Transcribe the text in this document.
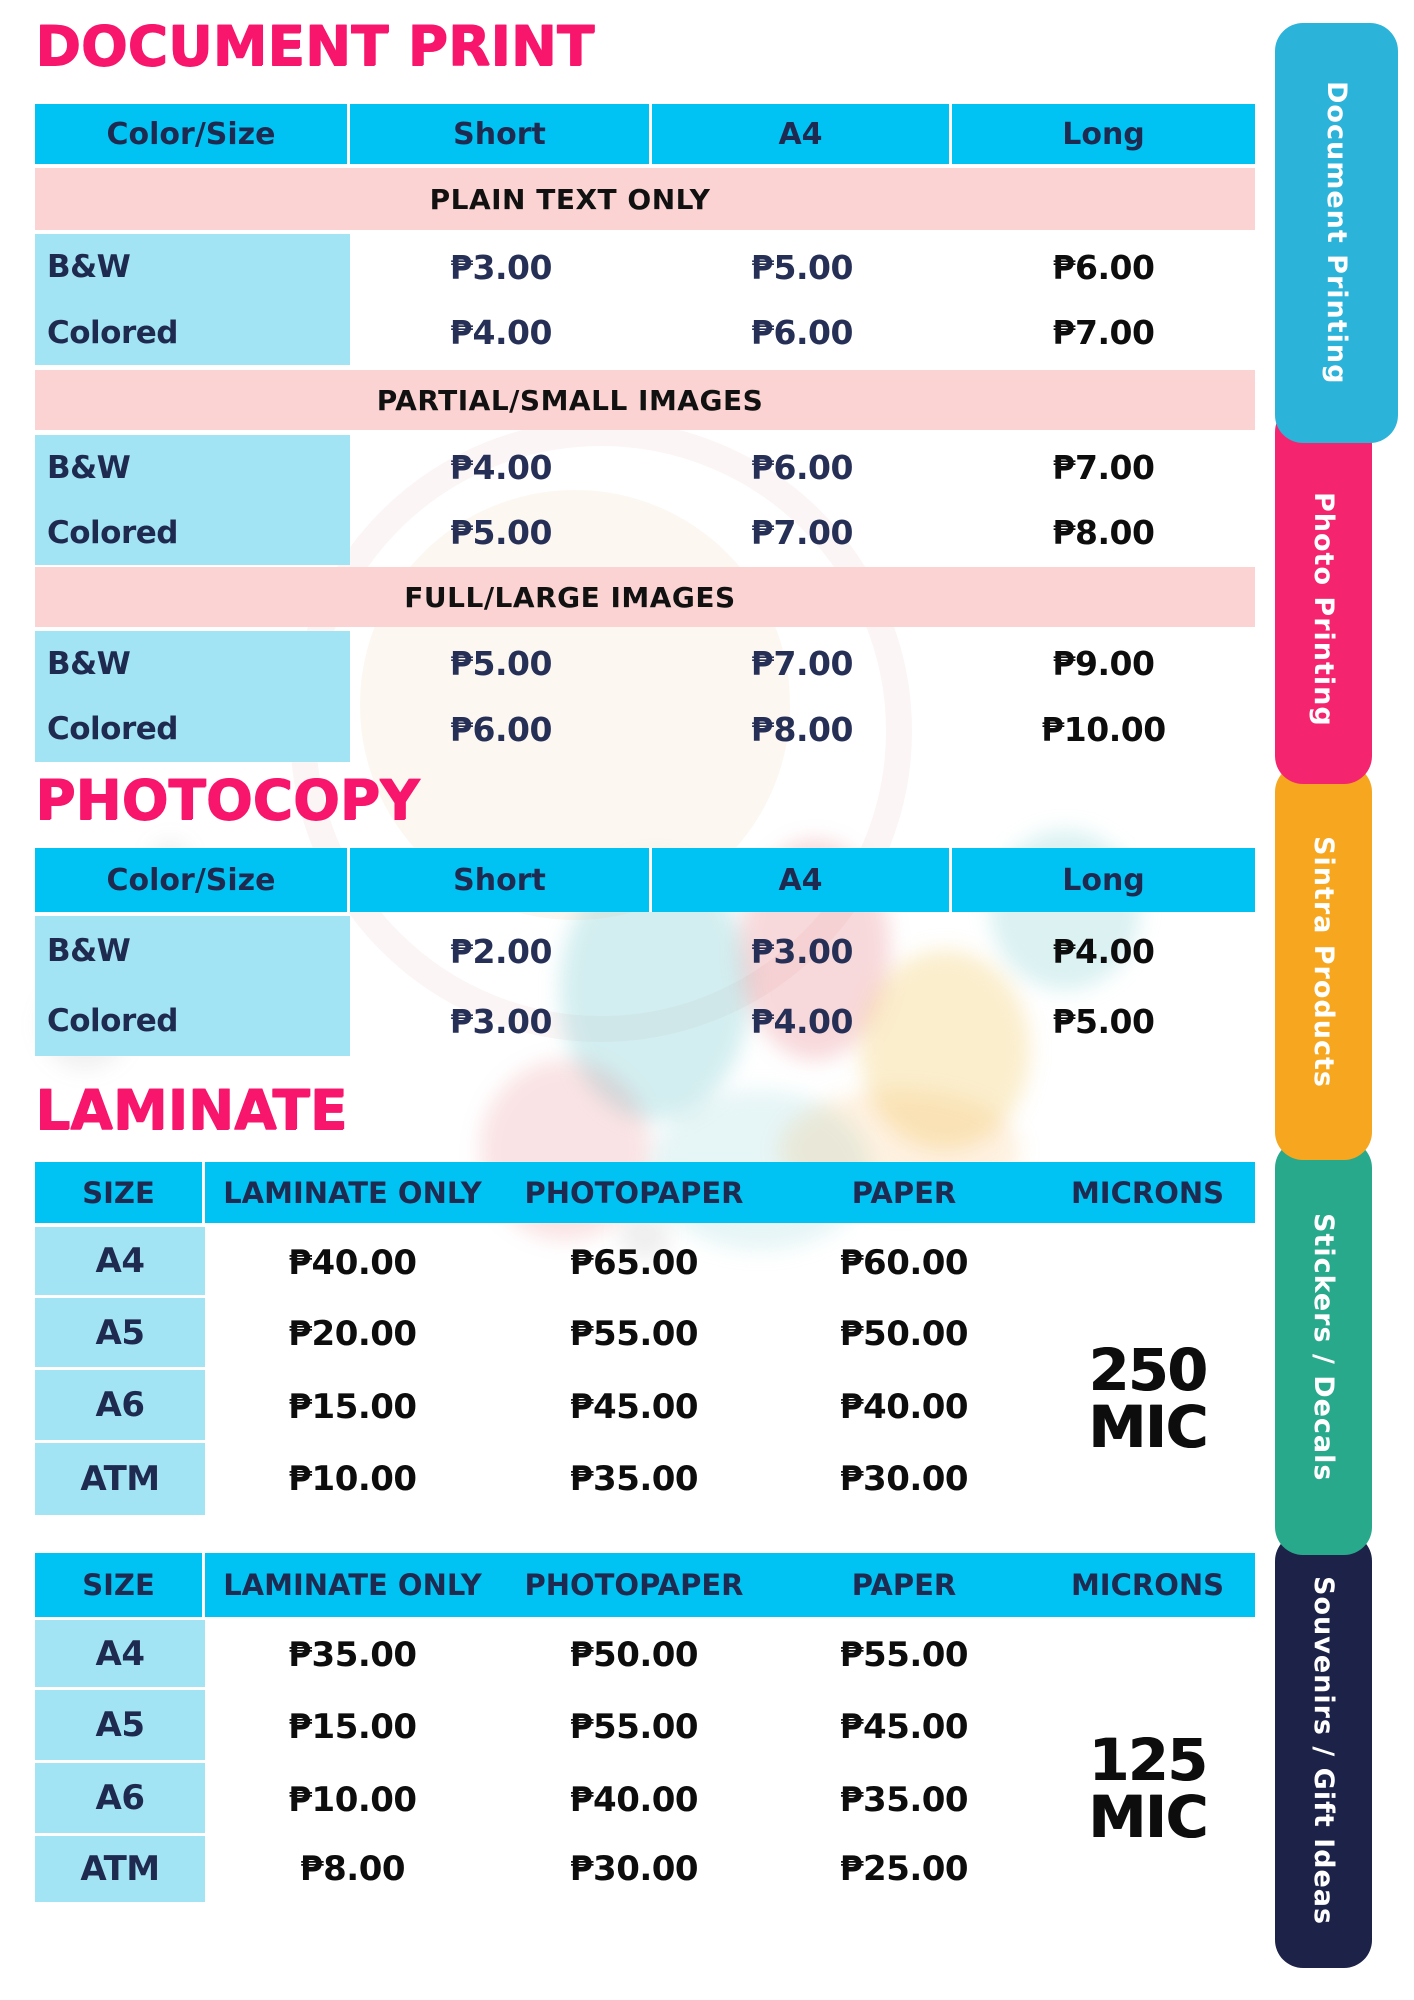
DOCUMENT PRINT
Color/Size	Short	A4	Long
PLAIN TEXT ONLY
B&W	₱3.00	₱5.00	₱6.00
Colored	₱4.00	₱6.00	₱7.00
PARTIAL/SMALL IMAGES
B&W	₱4.00	₱6.00	₱7.00
Colored	₱5.00	₱7.00	₱8.00
FULL/LARGE IMAGES
B&W	₱5.00	₱7.00	₱9.00
Colored	₱6.00	₱8.00	₱10.00
PHOTOCOPY
Color/Size	Short	A4	Long
B&W	₱2.00	₱3.00	₱4.00
Colored	₱3.00	₱4.00	₱5.00
LAMINATE
SIZE	LAMINATE ONLY	PHOTOPAPER	PAPER	MICRONS
A4	₱40.00	₱65.00	₱60.00
A5	₱20.00	₱55.00	₱50.00
A6	₱15.00	₱45.00	₱40.00
ATM	₱10.00	₱35.00	₱30.00
250
MIC
SIZE	LAMINATE ONLY	PHOTOPAPER	PAPER	MICRONS
A4	₱35.00	₱50.00	₱55.00
A5	₱15.00	₱55.00	₱45.00
A6	₱10.00	₱40.00	₱35.00
ATM	₱8.00	₱30.00	₱25.00
125
MIC
Document Printing
Photo Printing
Sintra Products
Stickers / Decals
Souvenirs / Gift Ideas
